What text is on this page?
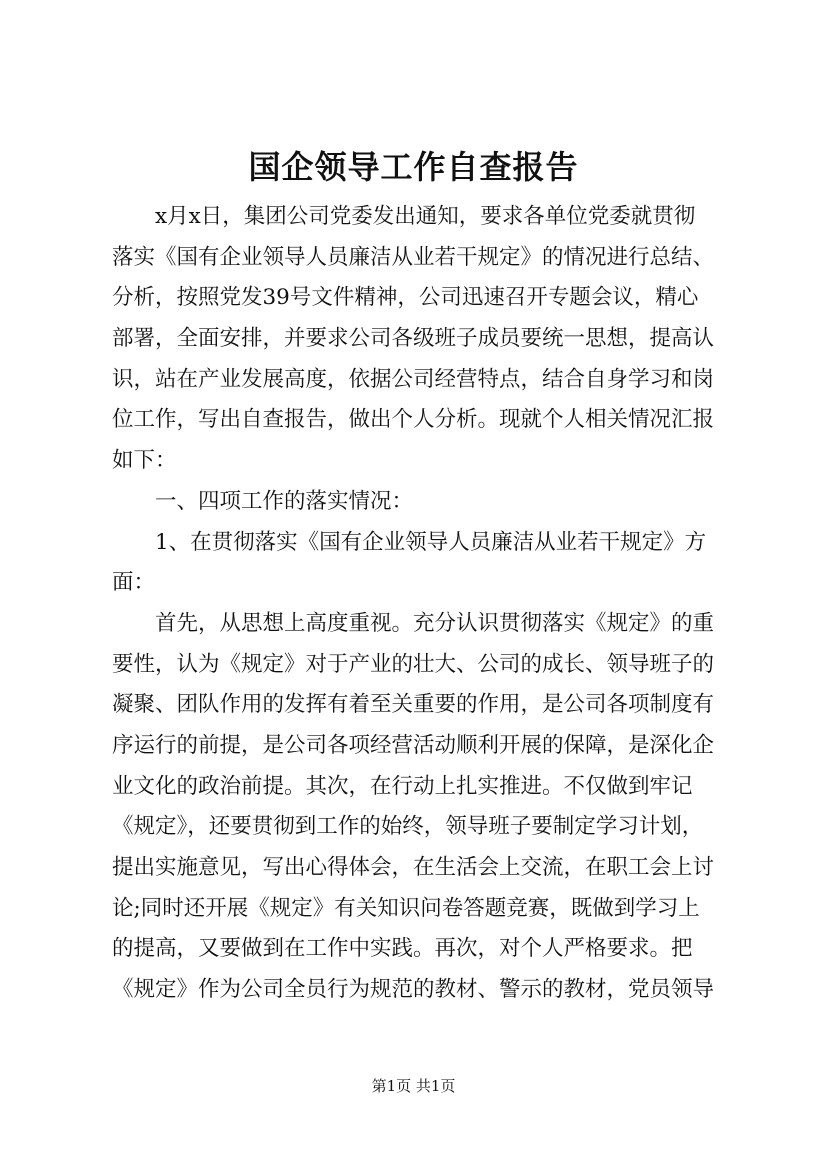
国企领导工作自查报告
x月x日，集团公司党委发出通知，要求各单位党委就贯彻
落实《国有企业领导人员廉洁从业若干规定》的情况进行总结、
分析，按照党发39号文件精神，公司迅速召开专题会议，精心
部署，全面安排，并要求公司各级班子成员要统一思想，提高认
识，站在产业发展高度，依据公司经营特点，结合自身学习和岗
位工作，写出自查报告，做出个人分析。现就个人相关情况汇报
如下：
一、四项工作的落实情况：
1、在贯彻落实《国有企业领导人员廉洁从业若干规定》方
面：
首先，从思想上高度重视。充分认识贯彻落实《规定》的重
要性，认为《规定》对于产业的壮大、公司的成长、领导班子的
凝聚、团队作用的发挥有着至关重要的作用，是公司各项制度有
序运行的前提，是公司各项经营活动顺利开展的保障，是深化企
业文化的政治前提。其次，在行动上扎实推进。不仅做到牢记
《规定》，还要贯彻到工作的始终，领导班子要制定学习计划，
提出实施意见，写出心得体会，在生活会上交流，在职工会上讨
论;同时还开展《规定》有关知识问卷答题竞赛，既做到学习上
的提高，又要做到在工作中实践。再次，对个人严格要求。把
《规定》作为公司全员行为规范的教材、警示的教材，党员领导
第1页 共1页
